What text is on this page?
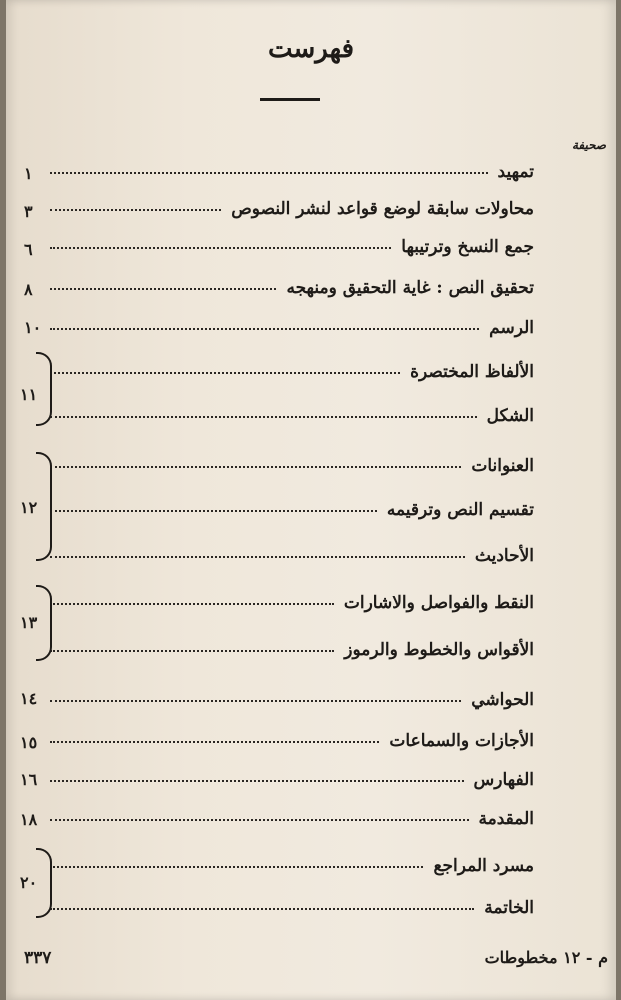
فهرست
صحيفة
تمهيد
محاولات سابقة لوضع قواعد لنشر النصوص
جمع النسخ وترتيبها
تحقيق النص : غاية التحقيق ومنهجه
الرسم
الألفاظ المختصرة
الشكل
العنوانات
تقسيم النص وترقيمه
الأحاديث
النقط والفواصل والاشارات
الأقواس والخطوط والرموز
الحواشي
الأجازات والسماعات
الفهارس
المقدمة
مسرد المراجع
الخاتمة
١
٣
٦
٨
١٠
١١
١٢
١٣
١٤
١٥
١٦
١٨
٢٠
٣٣٧	م - ١٢ مخطوطات
